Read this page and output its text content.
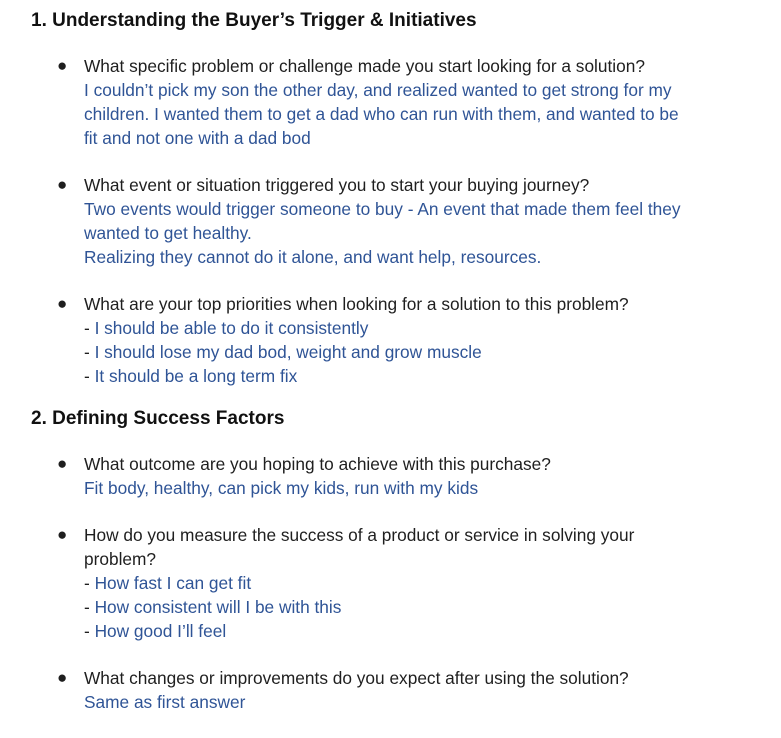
1. Understanding the Buyer’s Trigger & Initiatives
● What specific problem or challenge made you start looking for a solution?
I couldn’t pick my son the other day, and realized wanted to get strong for my
children. I wanted them to get a dad who can run with them, and wanted to be
fit and not one with a dad bod
● What event or situation triggered you to start your buying journey?
Two events would trigger someone to buy - An event that made them feel they
wanted to get healthy.
Realizing they cannot do it alone, and want help, resources.
● What are your top priorities when looking for a solution to this problem?
- I should be able to do it consistently
- I should lose my dad bod, weight and grow muscle
- It should be a long term fix
2. Defining Success Factors
● What outcome are you hoping to achieve with this purchase?
Fit body, healthy, can pick my kids, run with my kids
● How do you measure the success of a product or service in solving your
problem?
- How fast I can get fit
- How consistent will I be with this
- How good I’ll feel
● What changes or improvements do you expect after using the solution?
Same as first answer
